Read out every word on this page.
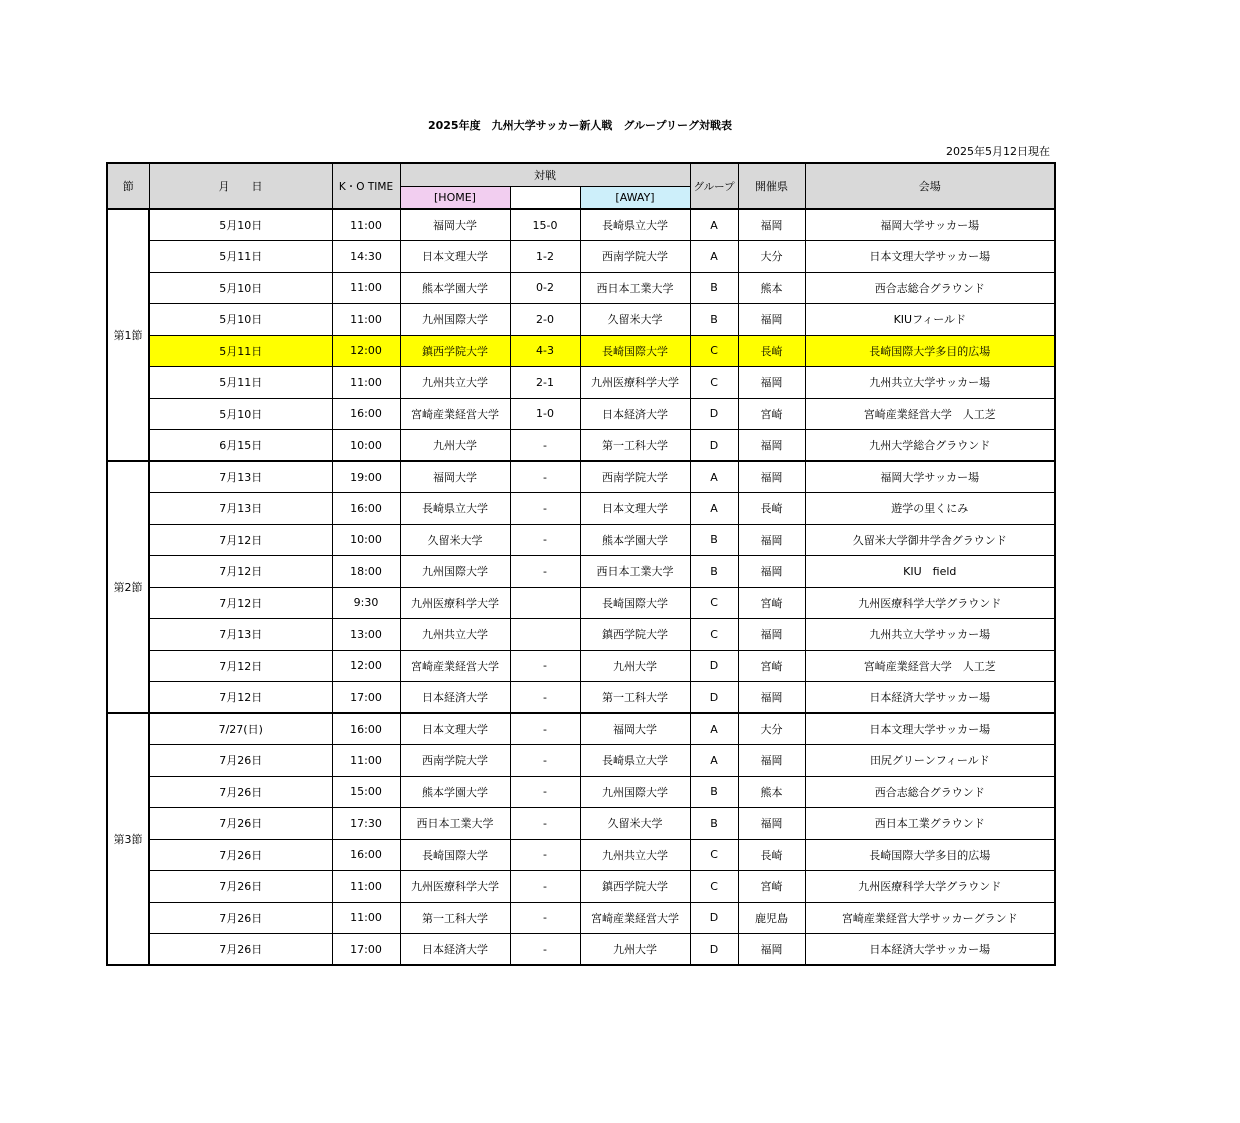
2025年度　九州大学サッカー新人戦　グループリーグ対戦表
2025年5月12日現在
節	月　　日	K・O TIME	対戦			グループ	開催県	会場
			[HOME]		[AWAY]			
第1節	5月10日	11:00	福岡大学	15-0	長崎県立大学	A	福岡	福岡大学サッカー場
	5月11日	14:30	日本文理大学	1-2	西南学院大学	A	大分	日本文理大学サッカー場
	5月10日	11:00	熊本学園大学	0-2	西日本工業大学	B	熊本	西合志総合グラウンド
	5月10日	11:00	九州国際大学	2-0	久留米大学	B	福岡	KIUフィールド
	5月11日	12:00	鎮西学院大学	4-3	長崎国際大学	C	長崎	長崎国際大学多目的広場
	5月11日	11:00	九州共立大学	2-1	九州医療科学大学	C	福岡	九州共立大学サッカー場
	5月10日	16:00	宮崎産業経営大学	1-0	日本経済大学	D	宮崎	宮崎産業経営大学　人工芝
	6月15日	10:00	九州大学	-	第一工科大学	D	福岡	九州大学総合グラウンド
第2節	7月13日	19:00	福岡大学	-	西南学院大学	A	福岡	福岡大学サッカー場
	7月13日	16:00	長崎県立大学	-	日本文理大学	A	長崎	遊学の里くにみ
	7月12日	10:00	久留米大学	-	熊本学園大学	B	福岡	久留米大学御井学舎グラウンド
	7月12日	18:00	九州国際大学	-	西日本工業大学	B	福岡	KIU　field
	7月12日	9:30	九州医療科学大学		長崎国際大学	C	宮崎	九州医療科学大学グラウンド
	7月13日	13:00	九州共立大学		鎮西学院大学	C	福岡	九州共立大学サッカー場
	7月12日	12:00	宮崎産業経営大学	-	九州大学	D	宮崎	宮崎産業経営大学　人工芝
	7月12日	17:00	日本経済大学	-	第一工科大学	D	福岡	日本経済大学サッカー場
第3節	7/27(日)	16:00	日本文理大学	-	福岡大学	A	大分	日本文理大学サッカー場
	7月26日	11:00	西南学院大学	-	長崎県立大学	A	福岡	田尻グリーンフィールド
	7月26日	15:00	熊本学園大学	-	九州国際大学	B	熊本	西合志総合グラウンド
	7月26日	17:30	西日本工業大学	-	久留米大学	B	福岡	西日本工業グラウンド
	7月26日	16:00	長崎国際大学	-	九州共立大学	C	長崎	長崎国際大学多目的広場
	7月26日	11:00	九州医療科学大学	-	鎮西学院大学	C	宮崎	九州医療科学大学グラウンド
	7月26日	11:00	第一工科大学	-	宮崎産業経営大学	D	鹿児島	宮崎産業経営大学サッカーグランド
	7月26日	17:00	日本経済大学	-	九州大学	D	福岡	日本経済大学サッカー場
